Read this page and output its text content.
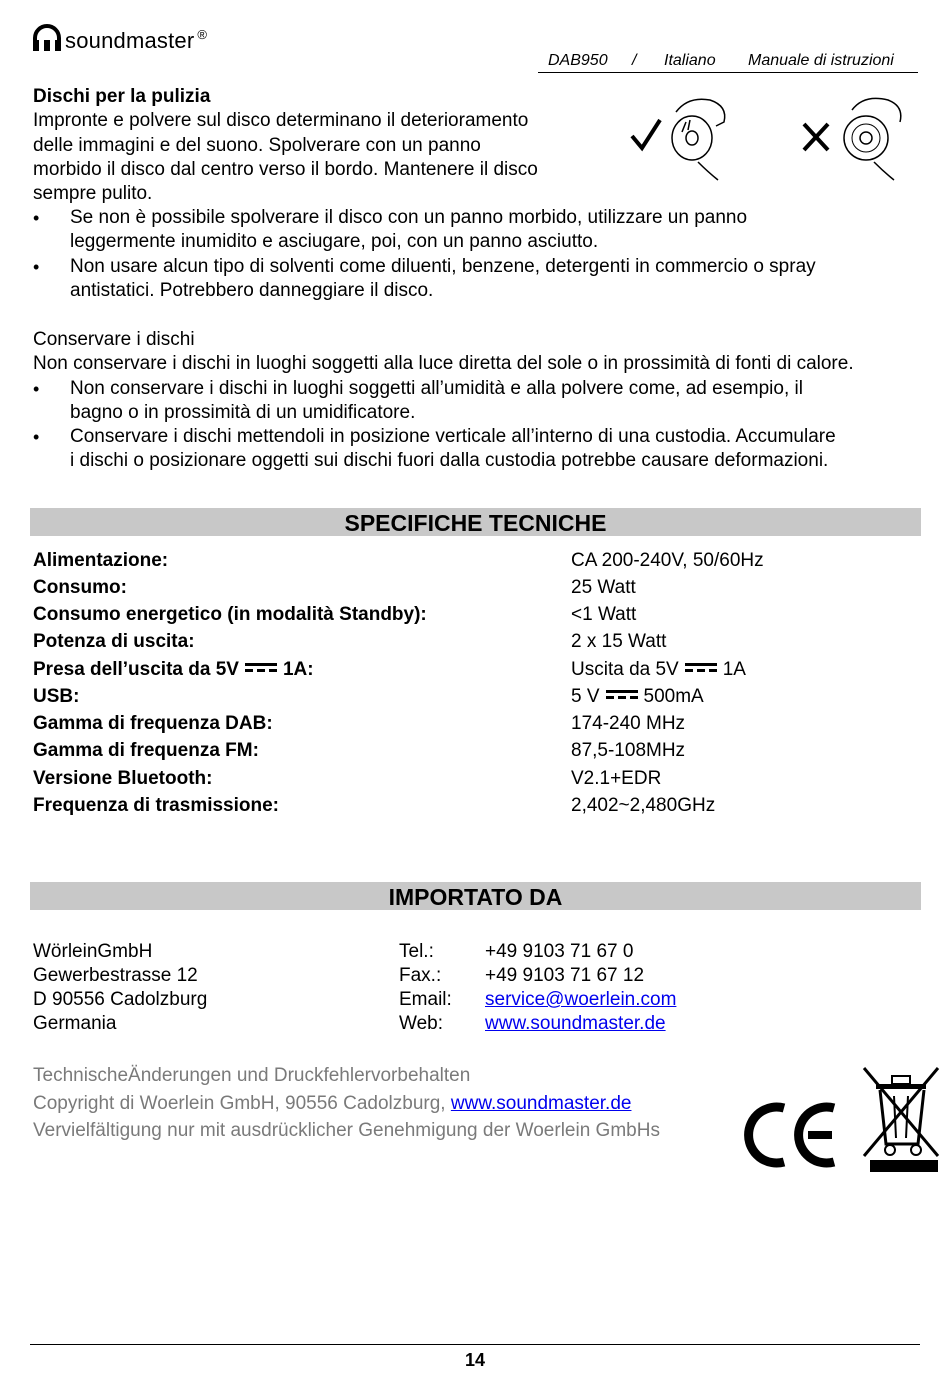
soundmaster ®
DAB950 / Italiano Manuale di istruzioni
Dischi per la pulizia
Impronte e polvere sul disco determinano il deterioramento
delle immagini e del suono. Spolverare con un panno
morbido il disco dal centro verso il bordo. Mantenere il disco
sempre pulito.
• Se non è possibile spolverare il disco con un panno morbido, utilizzare un panno
leggermente inumidito e asciugare, poi, con un panno asciutto.
• Non usare alcun tipo di solventi come diluenti, benzene, detergenti in commercio o spray
antistatici. Potrebbero danneggiare il disco.
Conservare i dischi
Non conservare i dischi in luoghi soggetti alla luce diretta del sole o in prossimità di fonti di calore.
• Non conservare i dischi in luoghi soggetti all’umidità e alla polvere come, ad esempio, il
bagno o in prossimità di un umidificatore.
• Conservare i dischi mettendoli in posizione verticale all’interno di una custodia. Accumulare
i dischi o posizionare oggetti sui dischi fuori dalla custodia potrebbe causare deformazioni.
SPECIFICHE TECNICHE
Alimentazione:	CA 200-240V, 50/60Hz
Consumo:	25 Watt
Consumo energetico (in modalità Standby):	<1 Watt
Potenza di uscita:	2 x 15 Watt
Presa dell’uscita da 5V 1A:	Uscita da 5V 1A
USB:	5 V 500mA
Gamma di frequenza DAB:	174-240 MHz
Gamma di frequenza FM:	87,5-108MHz
Versione Bluetooth:	V2.1+EDR
Frequenza di trasmissione:	2,402~2,480GHz
IMPORTATO DA
WörleinGmbH
Gewerbestrasse 12
D 90556 Cadolzburg
Germania
Tel.:	+49 9103 71 67 0
Fax.: +49 9103 71 67 12
Email: service@woerlein.com
Web: www.soundmaster.de
TechnischeÄnderungen und Druckfehlervorbehalten
Copyright di Woerlein GmbH, 90556 Cadolzburg, www.soundmaster.de
Vervielfältigung nur mit ausdrücklicher Genehmigung der Woerlein GmbHs
14
